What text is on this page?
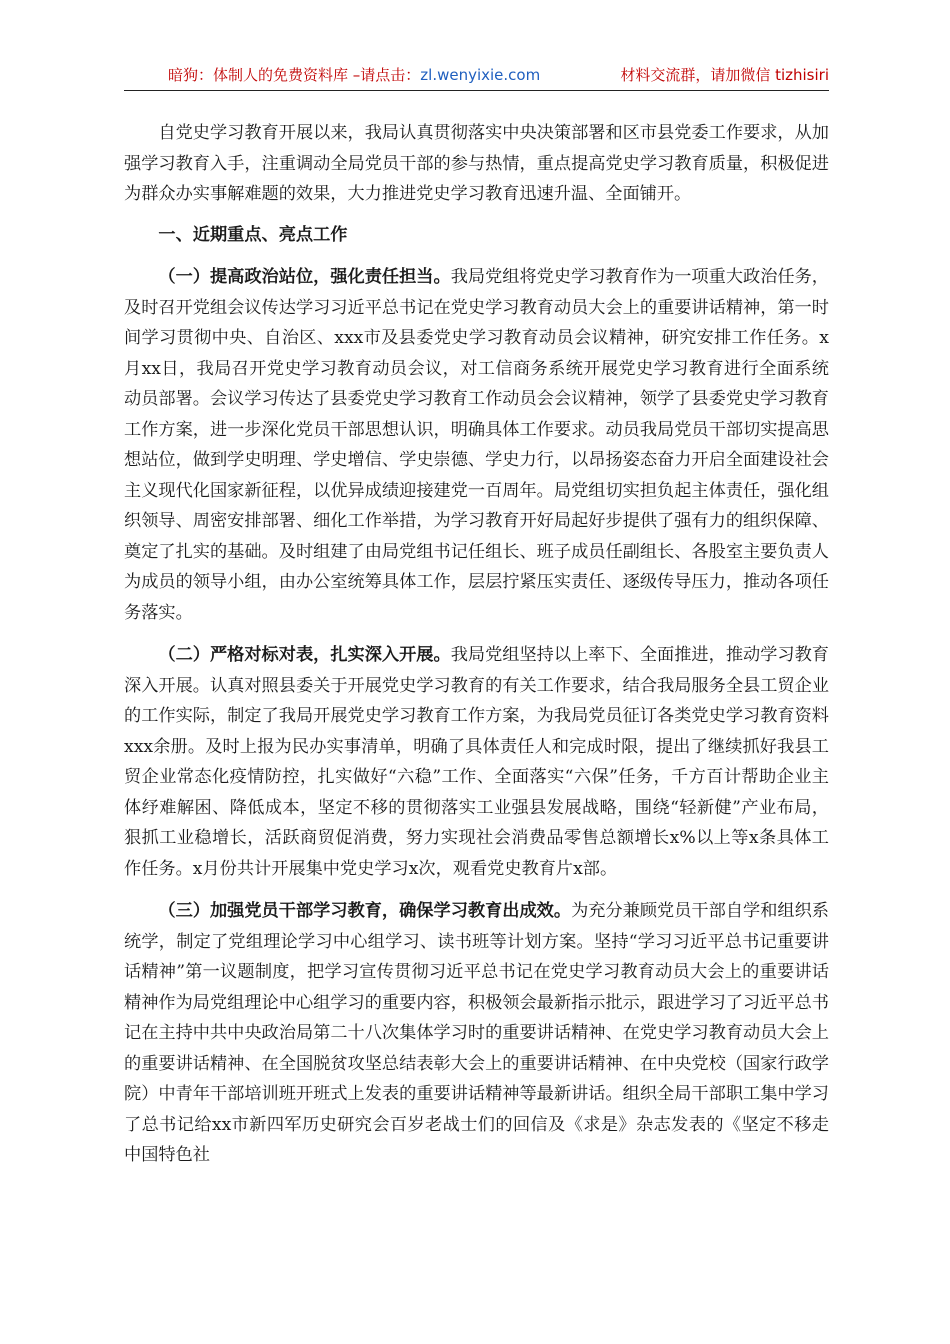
暗狗：体制人的免费资料库 –请点击：zl.wenyixie.com	材料交流群，请加微信 tizhisiri

自党史学习教育开展以来，我局认真贯彻落实中央决策部署和区市县党委工作要求，从加强学习教育入手，注重调动全局党员干部的参与热情，重点提高党史学习教育质量，积极促进为群众办实事解难题的效果，大力推进党史学习教育迅速升温、全面铺开。

一、近期重点、亮点工作

（一）提高政治站位，强化责任担当。我局党组将党史学习教育作为一项重大政治任务，及时召开党组会议传达学习习近平总书记在党史学习教育动员大会上的重要讲话精神，第一时间学习贯彻中央、自治区、xxx市及县委党史学习教育动员会议精神，研究安排工作任务。x月xx日，我局召开党史学习教育动员会议，对工信商务系统开展党史学习教育进行全面系统动员部署。会议学习传达了县委党史学习教育工作动员会会议精神，领学了县委党史学习教育工作方案，进一步深化党员干部思想认识，明确具体工作要求。动员我局党员干部切实提高思想站位，做到学史明理、学史增信、学史崇德、学史力行，以昂扬姿态奋力开启全面建设社会主义现代化国家新征程，以优异成绩迎接建党一百周年。局党组切实担负起主体责任，强化组织领导、周密安排部署、细化工作举措，为学习教育开好局起好步提供了强有力的组织保障、奠定了扎实的基础。及时组建了由局党组书记任组长、班子成员任副组长、各股室主要负责人为成员的领导小组，由办公室统筹具体工作，层层拧紧压实责任、逐级传导压力，推动各项任务落实。

（二）严格对标对表，扎实深入开展。我局党组坚持以上率下、全面推进，推动学习教育深入开展。认真对照县委关于开展党史学习教育的有关工作要求，结合我局服务全县工贸企业的工作实际，制定了我局开展党史学习教育工作方案，为我局党员征订各类党史学习教育资料xxx余册。及时上报为民办实事清单，明确了具体责任人和完成时限，提出了继续抓好我县工贸企业常态化疫情防控，扎实做好“六稳”工作、全面落实“六保”任务，千方百计帮助企业主体纾难解困、降低成本，坚定不移的贯彻落实工业强县发展战略，围绕“轻新健”产业布局，狠抓工业稳增长，活跃商贸促消费，努力实现社会消费品零售总额增长x%以上等x条具体工作任务。x月份共计开展集中党史学习x次，观看党史教育片x部。

（三）加强党员干部学习教育，确保学习教育出成效。为充分兼顾党员干部自学和组织系统学，制定了党组理论学习中心组学习、读书班等计划方案。坚持“学习习近平总书记重要讲话精神”第一议题制度，把学习宣传贯彻习近平总书记在党史学习教育动员大会上的重要讲话精神作为局党组理论中心组学习的重要内容，积极领会最新指示批示，跟进学习了习近平总书记在主持中共中央政治局第二十八次集体学习时的重要讲话精神、在党史学习教育动员大会上的重要讲话精神、在全国脱贫攻坚总结表彰大会上的重要讲话精神、在中央党校（国家行政学院）中青年干部培训班开班式上发表的重要讲话精神等最新讲话。组织全局干部职工集中学习了总书记给xx市新四军历史研究会百岁老战士们的回信及《求是》杂志发表的《坚定不移走中国特色社
